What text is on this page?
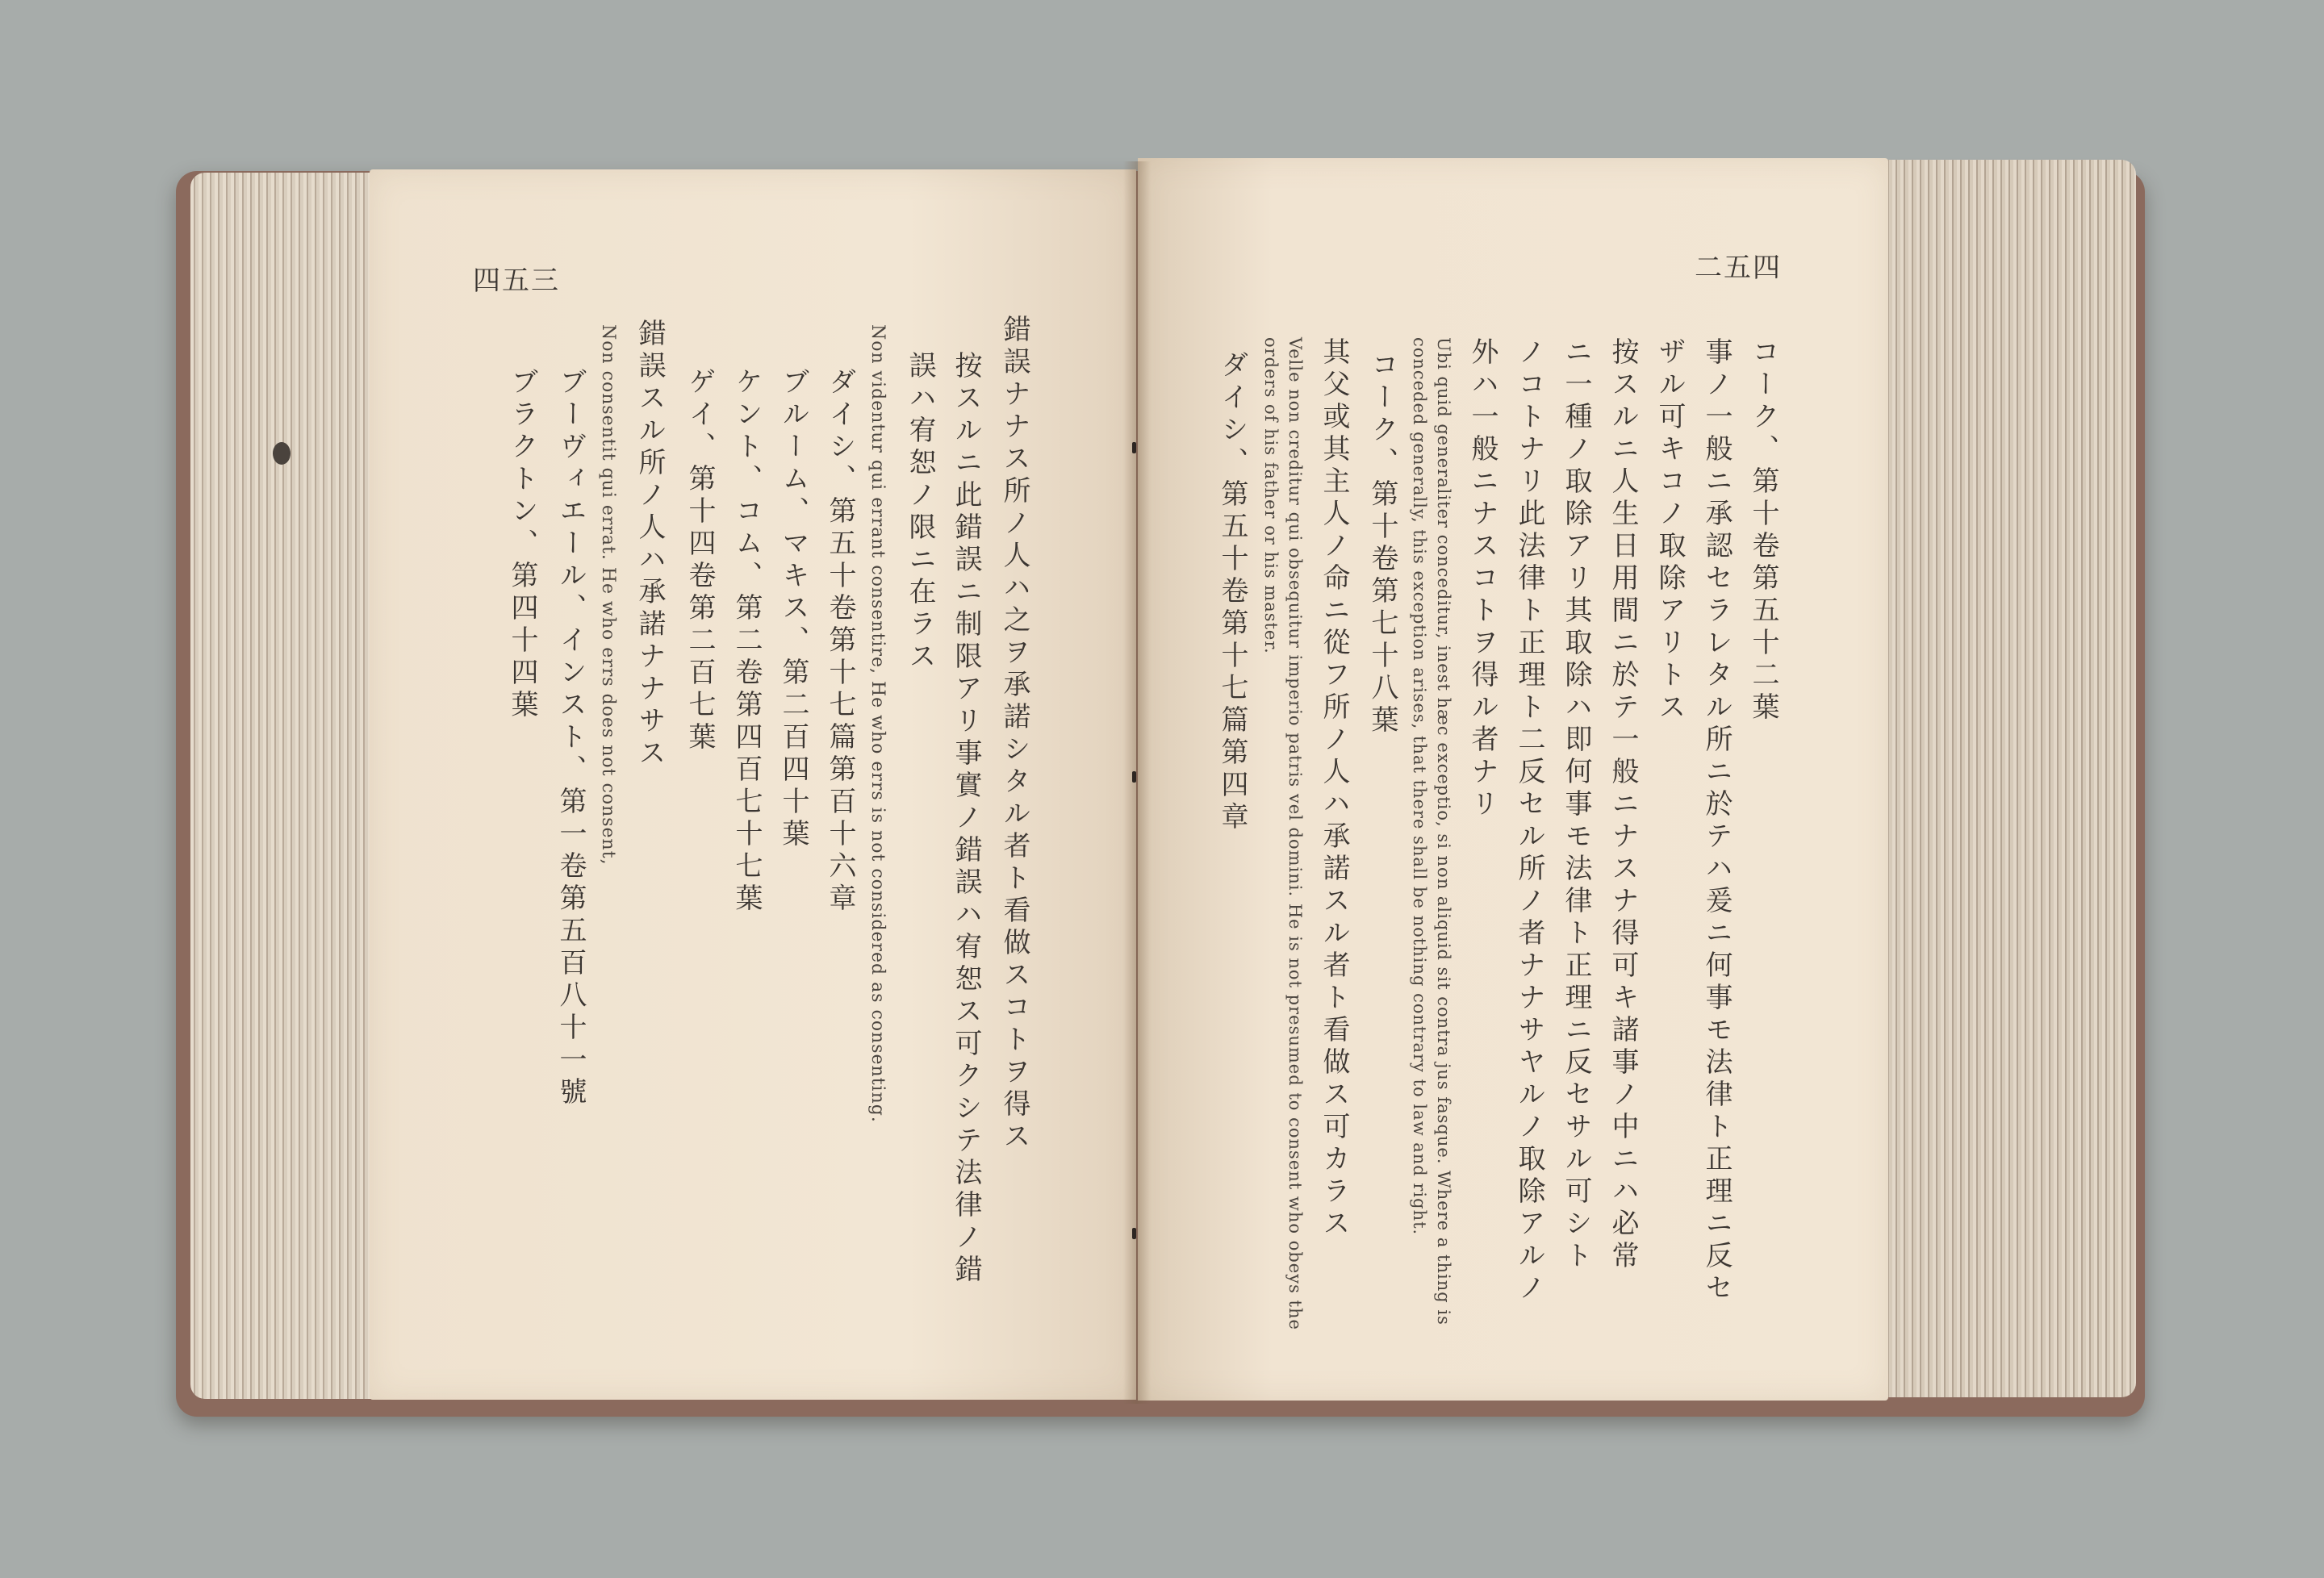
四五三
錯誤ナナス所ノ人ハ之ヲ承諾シタル者ト看做スコトヲ得ス
按スルニ此錯誤ニ制限アリ事實ノ錯誤ハ宥恕ス可クシテ法律ノ錯
誤ハ宥恕ノ限ニ在ラス
Non videntur qui errant consentire, He who errs is not considered as consenting.
ダイシ、第五十卷第十七篇第百十六章
ブルーム、マキス、第二百四十葉
ケント、コム、第二卷第四百七十七葉
ゲイ、第十四卷第二百七葉
錯誤スル所ノ人ハ承諾ナナサス
Non consentit qui errat. He who errs does not consent,
ブーヴィエール、インスト、第一卷第五百八十一號
ブラクトン、第四十四葉
二五四
コーク、第十卷第五十二葉
事ノ一般ニ承認セラレタル所ニ於テハ爰ニ何事モ法律ト正理ニ反セ
ザル可キコノ取除アリトス
按スルニ人生日用間ニ於テ一般ニナスナ得可キ諸事ノ中ニハ必常
ニ一種ノ取除アリ其取除ハ即何事モ法律ト正理ニ反セサル可シト
ノコトナリ此法律ト正理ト二反セル所ノ者ナナサヤルノ取除アルノ
外ハ一般ニナスコトヲ得ル者ナリ
Ubi quid generaliter conceditur, inest hæc exceptio, si non aliquid sit contra jus fasque. Where a thing is
conceded generally, this exception arises, that there shall be nothing contrary to law and right.
コーク、第十卷第七十八葉
其父或其主人ノ命ニ從フ所ノ人ハ承諾スル者ト看做ス可カラス
Velle non creditur qui obsequitur imperio patris vel domini. He is not presumed to consent who obeys the
orders of his father or his master.
ダイシ、第五十卷第十七篇第四章
